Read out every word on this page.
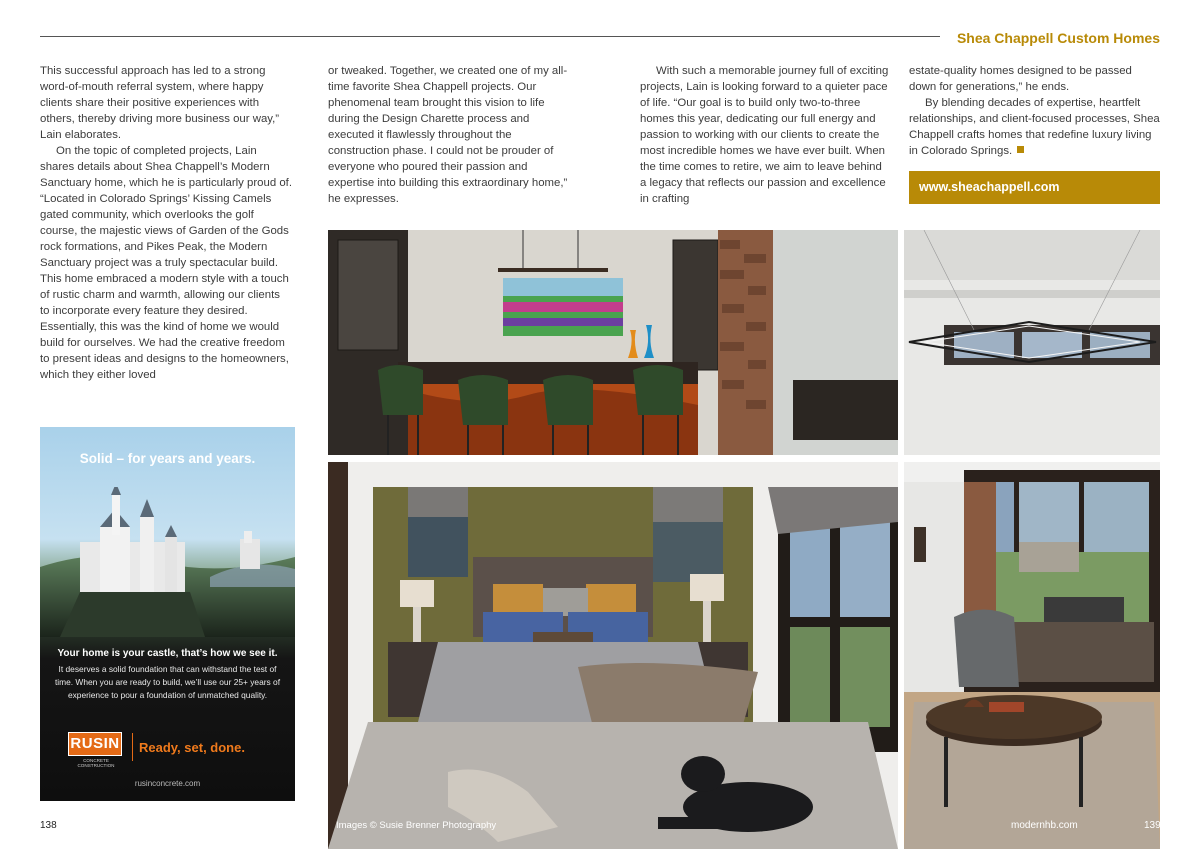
Shea Chappell Custom Homes

This successful approach has led to a strong word-of-mouth referral system, where happy clients share their positive experiences with others, thereby driving more business our way,” Lain elaborates.

On the topic of completed projects, Lain shares details about Shea Chappell’s Modern Sanctuary home, which he is particularly proud of. “Located in Colorado Springs’ Kissing Camels gated community, which overlooks the golf course, the majestic views of Garden of the Gods rock formations, and Pikes Peak, the Modern Sanctuary project was a truly spectacular build. This home embraced a modern style with a touch of rustic charm and warmth, allowing our clients to incorporate every feature they desired. Essentially, this was the kind of home we would build for ourselves. We had the creative freedom to present ideas and designs to the homeowners, which they either loved

or tweaked. Together, we created one of my all-time favorite Shea Chappell projects. Our phenomenal team brought this vision to life during the Design Charette process and executed it flawlessly throughout the construction phase. I could not be prouder of everyone who poured their passion and expertise into building this extraordinary home,” he expresses.

With such a memorable journey full of exciting projects, Lain is looking forward to a quieter pace of life. “Our goal is to build only two-to-three homes this year, dedicating our full energy and passion to working with our clients to create the most incredible homes we have ever built. When the time comes to retire, we aim to leave behind a legacy that reflects our passion and excellence in crafting

estate-quality homes designed to be passed down for generations,” he ends.

By blending decades of expertise, heartfelt relationships, and client-focused processes, Shea Chappell crafts homes that redefine luxury living in Colorado Springs.

www.sheachappell.com
Solid – for years and years.
Your home is your castle, that’s how we see it.
It deserves a solid foundation that can withstand the test of time. When you are ready to build, we’ll use our 25+ years of experience to pour a foundation of unmatched quality.
RUSIN
CONCRETE CONSTRUCTION
Ready, set, done.
rusinconcrete.com
138	Images © Susie Brenner Photography	modernhb.com	139
